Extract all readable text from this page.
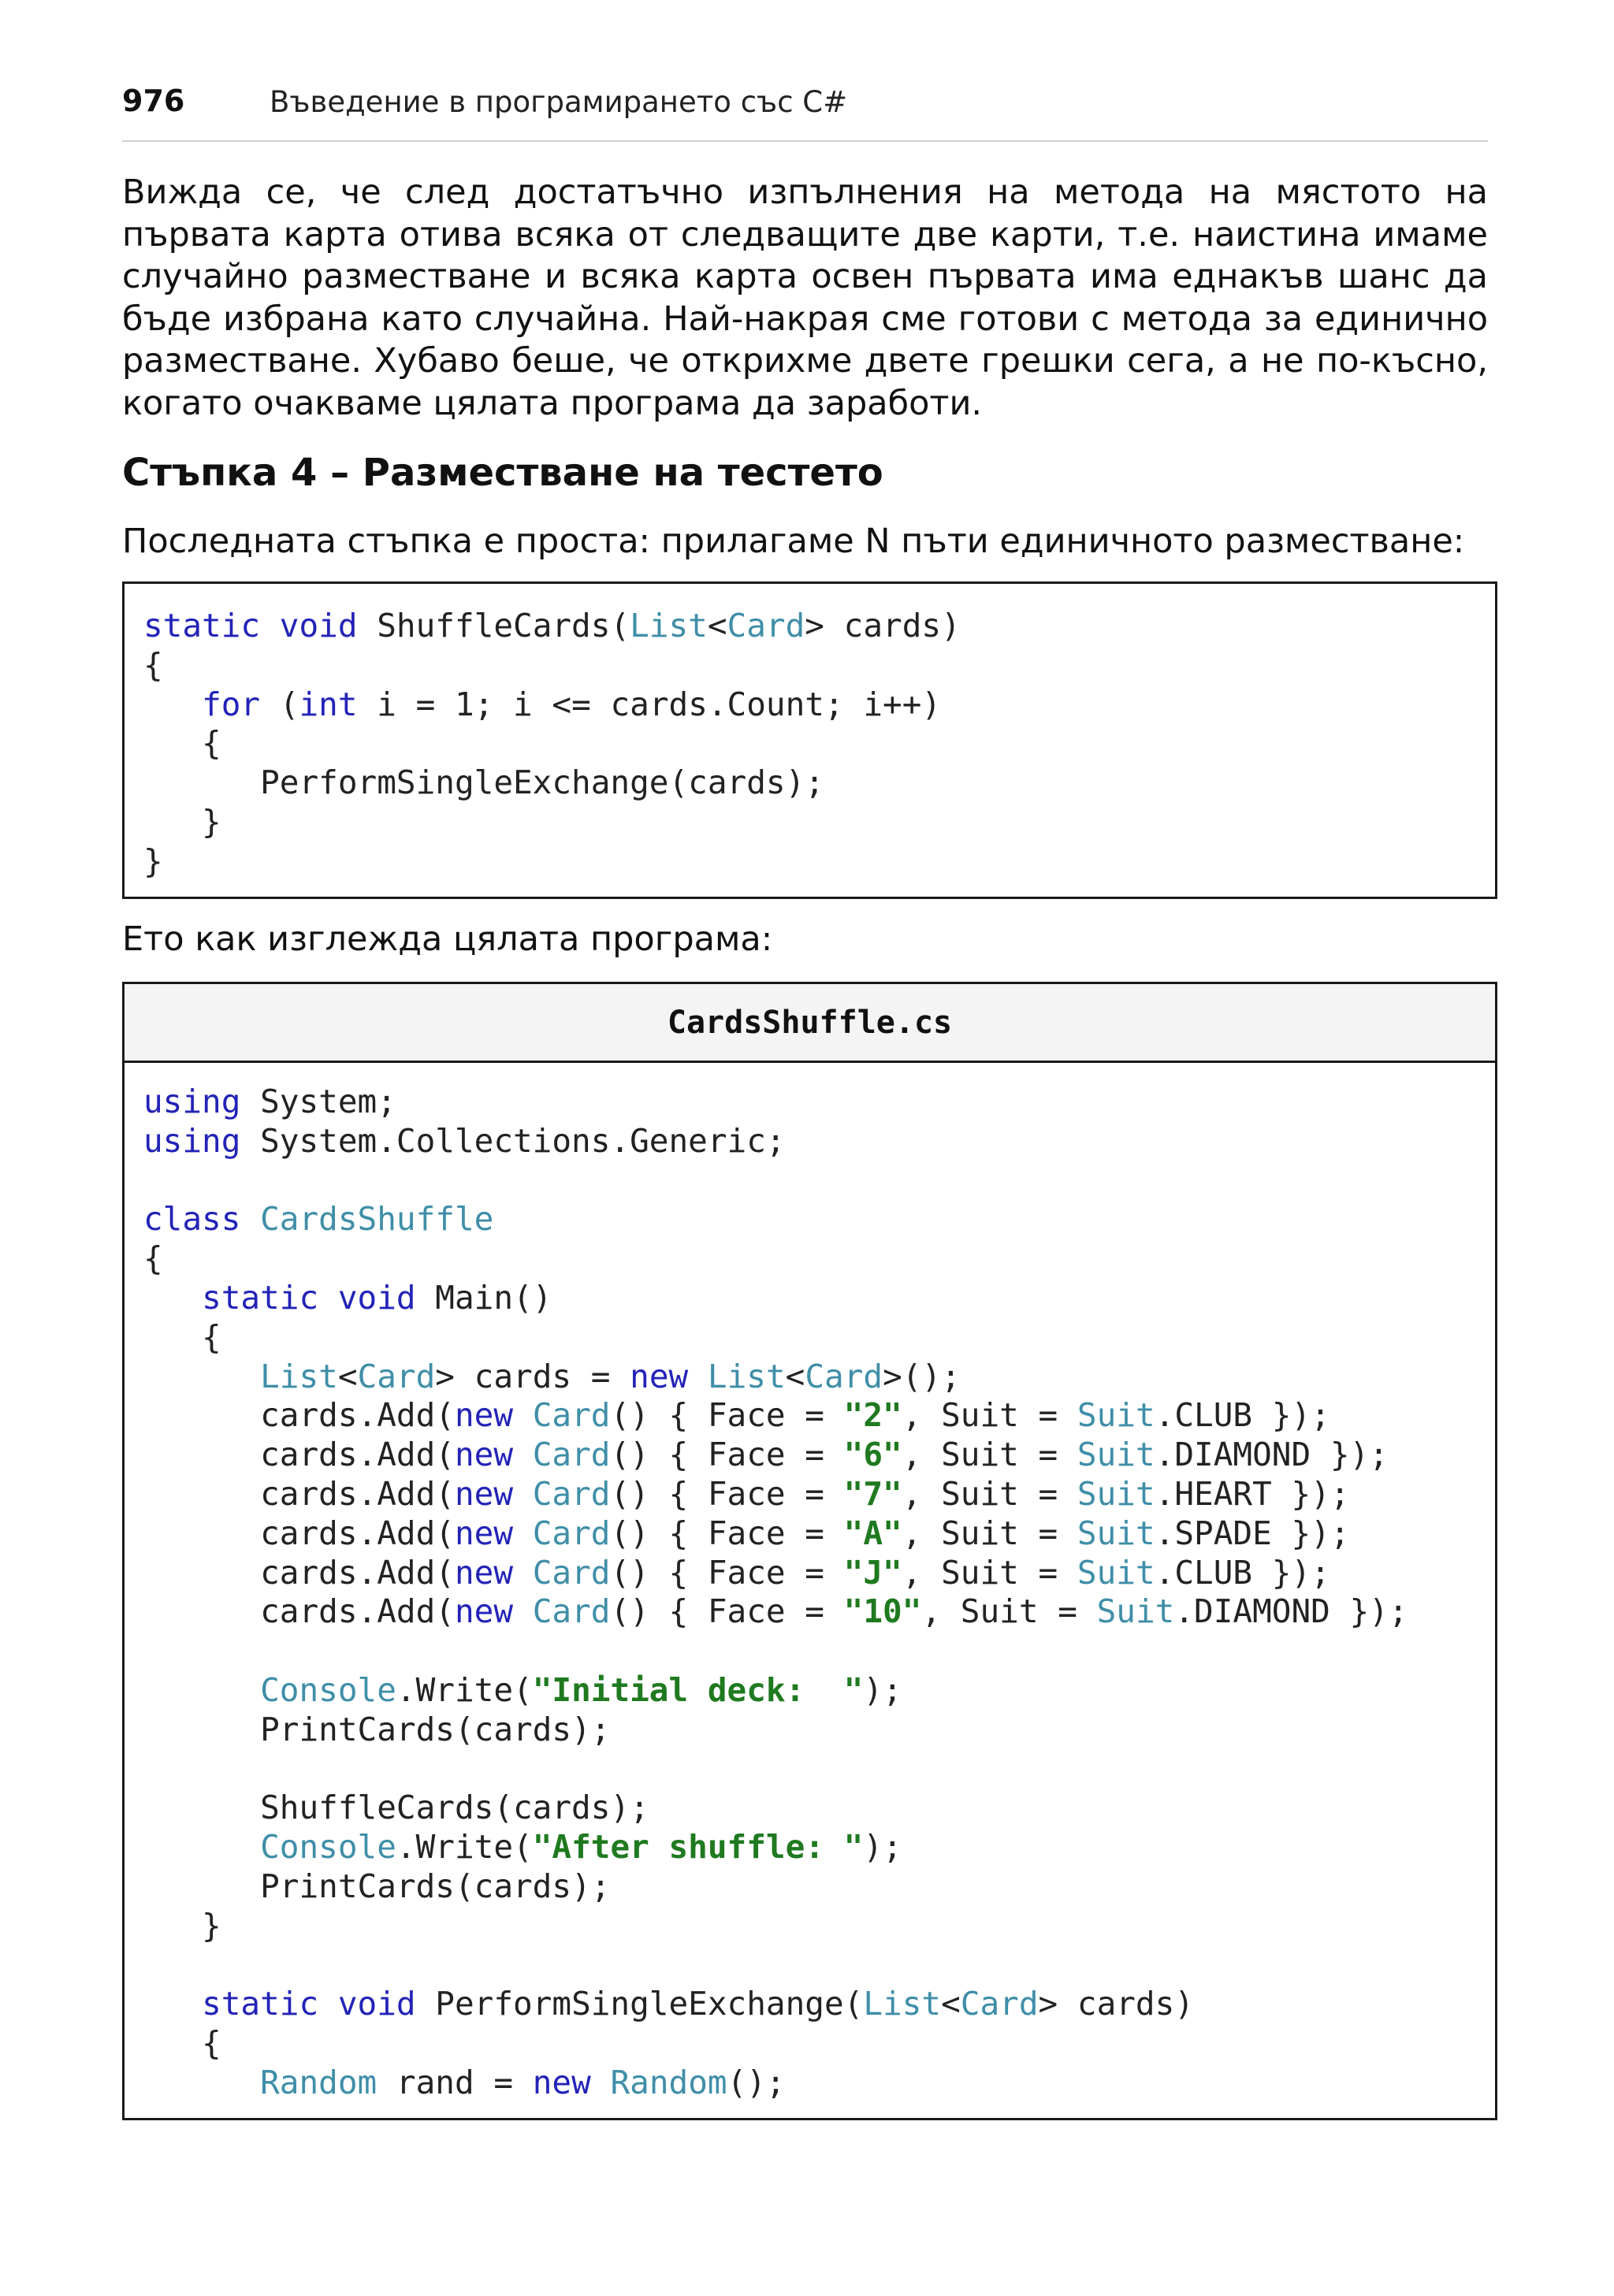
976	Въведение в програмирането със C#

Вижда се, че след достатъчно изпълнения на метода на мястото на първата карта отива всяка от следващите две карти, т.е. наистина имаме случайно разместване и всяка карта освен първата има еднакъв шанс да бъде избрана като случайна. Най-накрая сме готови с метода за единично разместване. Хубаво беше, че открихме двете грешки сега, а не по-късно, когато очакваме цялата програма да заработи.

Стъпка 4 – Разместване на тестето

Последната стъпка е проста: прилагаме N пъти единичното разместване:

static void ShuffleCards(List<Card> cards)
{
for (int i = 1; i <= cards.Count; i++)
{
PerformSingleExchange(cards);
}
}

Ето как изглежда цялата програма:

CardsShuffle.cs
using System;
using System.Collections.Generic;
class CardsShuffle
{
static void Main()
{
List<Card> cards = new List<Card>();
cards.Add(new Card() { Face = "2", Suit = Suit.CLUB });
cards.Add(new Card() { Face = "6", Suit = Suit.DIAMOND });
cards.Add(new Card() { Face = "7", Suit = Suit.HEART });
cards.Add(new Card() { Face = "A", Suit = Suit.SPADE });
cards.Add(new Card() { Face = "J", Suit = Suit.CLUB });
cards.Add(new Card() { Face = "10", Suit = Suit.DIAMOND });
Console.Write("Initial deck:  ");
PrintCards(cards);
ShuffleCards(cards);
Console.Write("After shuffle: ");
PrintCards(cards);
}
static void PerformSingleExchange(List<Card> cards)
{
Random rand = new Random();
